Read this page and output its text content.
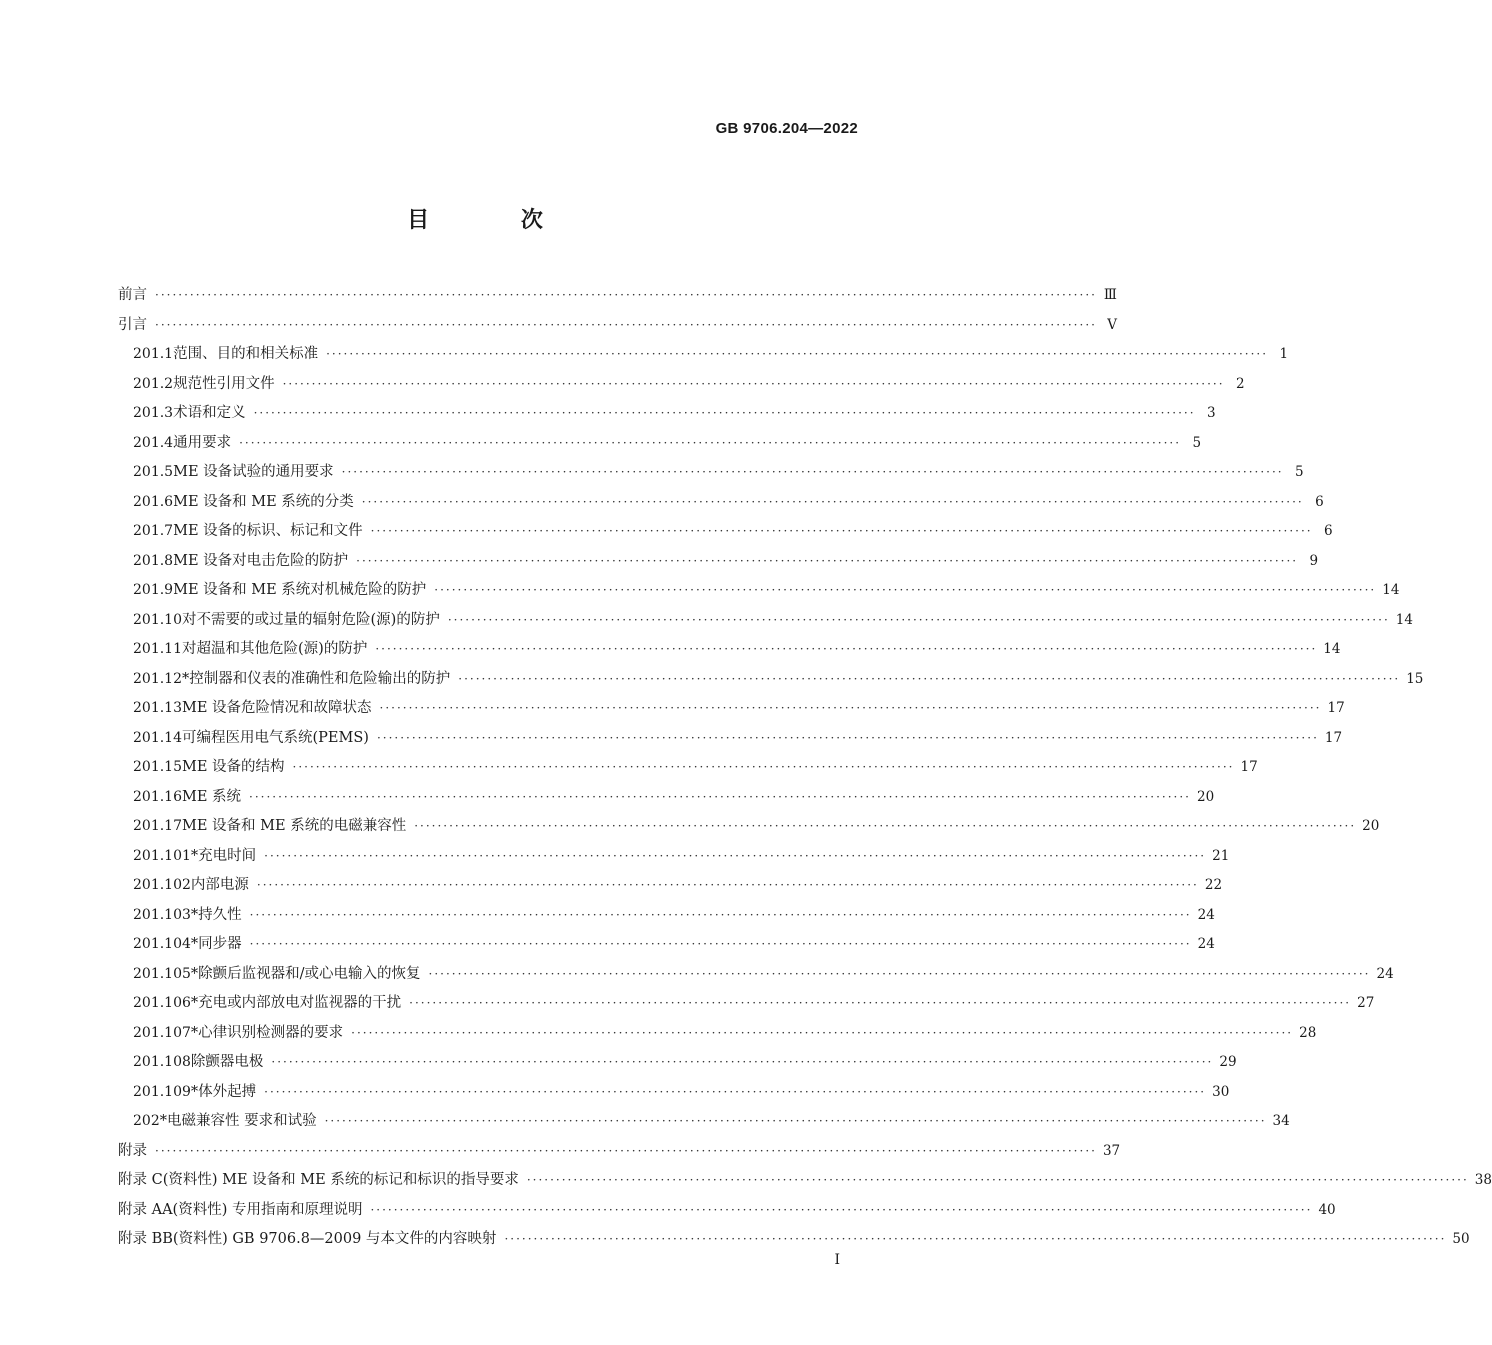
GB 9706.204—2022
目 次
前言 ·····	Ⅲ
引言 ·····	Ⅴ
201.1 范围、目的和相关标准 ·····	1
201.2 规范性引用文件 ·····	2
201.3 术语和定义 ·····	3
201.4 通用要求 ·····	5
201.5 ME 设备试验的通用要求 ·····	5
201.6 ME 设备和 ME 系统的分类 ·····	6
201.7 ME 设备的标识、标记和文件 ·····	6
201.8 ME 设备对电击危险的防护 ·····	9
201.9 ME 设备和 ME 系统对机械危险的防护 ·····	14
201.10 对不需要的或过量的辐射危险(源)的防护 ·····	14
201.11 对超温和其他危险(源)的防护 ·····	14
201.12 *控制器和仪表的准确性和危险输出的防护 ·····	15
201.13 ME 设备危险情况和故障状态 ·····	17
201.14 可编程医用电气系统(PEMS) ·····	17
201.15 ME 设备的结构 ·····	17
201.16 ME 系统 ·····	20
201.17 ME 设备和 ME 系统的电磁兼容性 ·····	20
201.101 *充电时间 ·····	21
201.102 内部电源 ·····	22
201.103 *持久性 ·····	24
201.104 *同步器 ·····	24
201.105 *除颤后监视器和/或心电输入的恢复 ·····	24
201.106 *充电或内部放电对监视器的干扰 ·····	27
201.107 *心律识别检测器的要求 ·····	28
201.108 除颤器电极 ·····	29
201.109 *体外起搏 ·····	30
202 *电磁兼容性 要求和试验 ·····	34
附录 ·····	37
附录 C(资料性) ME 设备和 ME 系统的标记和标识的指导要求 ·····	38
附录 AA(资料性) 专用指南和原理说明 ·····	40
附录 BB(资料性) GB 9706.8—2009 与本文件的内容映射 ·····	50
I
